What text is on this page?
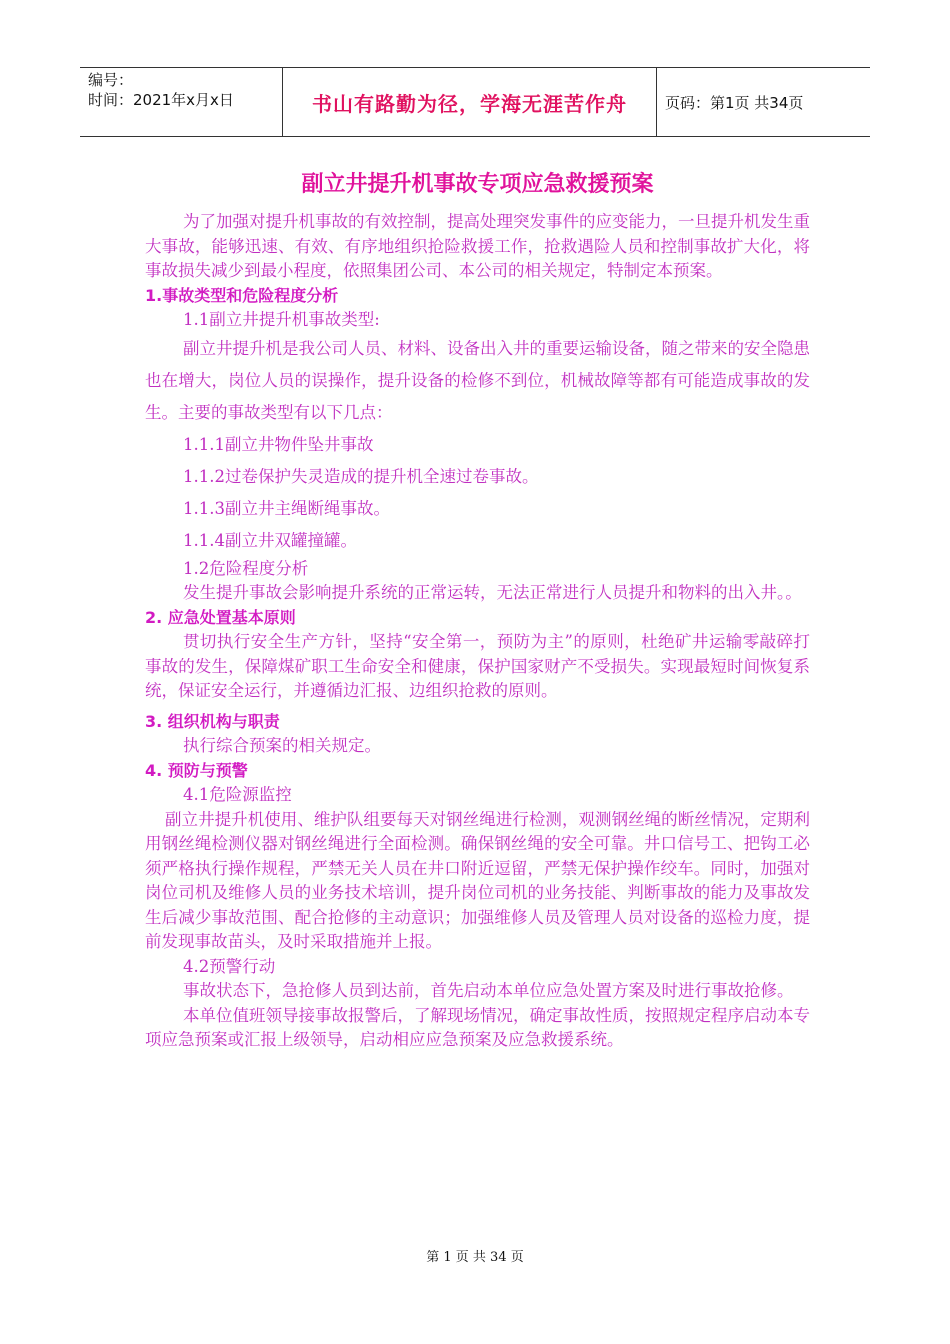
编号：
时间：2021年x月x日	书山有路勤为径，学海无涯苦作舟	页码：第1页 共34页
副立井提升机事故专项应急救援预案

为了加强对提升机事故的有效控制，提高处理突发事件的应变能力，一旦提升机发生重大事故，能够迅速、有效、有序地组织抢险救援工作，抢救遇险人员和控制事故扩大化，将事故损失减少到最小程度，依照集团公司、本公司的相关规定，特制定本预案。

1.事故类型和危险程度分析

1.1副立井提升机事故类型:

副立井提升机是我公司人员、材料、设备出入井的重要运输设备，随之带来的安全隐患也在增大，岗位人员的误操作，提升设备的检修不到位，机械故障等都有可能造成事故的发生。主要的事故类型有以下几点：

1.1.1副立井物件坠井事故

1.1.2过卷保护失灵造成的提升机全速过卷事故。

1.1.3副立井主绳断绳事故。

1.1.4副立井双罐撞罐。

1.2危险程度分析

发生提升事故会影响提升系统的正常运转，无法正常进行人员提升和物料的出入井。。

2. 应急处置基本原则

贯切执行安全生产方针，坚持“安全第一，预防为主”的原则，杜绝矿井运输零敲碎打事故的发生，保障煤矿职工生命安全和健康，保护国家财产不受损失。实现最短时间恢复系统，保证安全运行，并遵循边汇报、边组织抢救的原则。

3. 组织机构与职责

执行综合预案的相关规定。

4. 预防与预警

4.1危险源监控

副立井提升机使用、维护队组要每天对钢丝绳进行检测，观测钢丝绳的断丝情况，定期利用钢丝绳检测仪器对钢丝绳进行全面检测。确保钢丝绳的安全可靠。井口信号工、把钩工必须严格执行操作规程，严禁无关人员在井口附近逗留，严禁无保护操作绞车。同时，加强对岗位司机及维修人员的业务技术培训，提升岗位司机的业务技能、判断事故的能力及事故发生后减少事故范围、配合抢修的主动意识；加强维修人员及管理人员对设备的巡检力度，提前发现事故苗头，及时采取措施并上报。

4.2预警行动

事故状态下，急抢修人员到达前，首先启动本单位应急处置方案及时进行事故抢修。

本单位值班领导接事故报警后，了解现场情况，确定事故性质，按照规定程序启动本专项应急预案或汇报上级领导，启动相应应急预案及应急救援系统。

第 1 页 共 34 页
